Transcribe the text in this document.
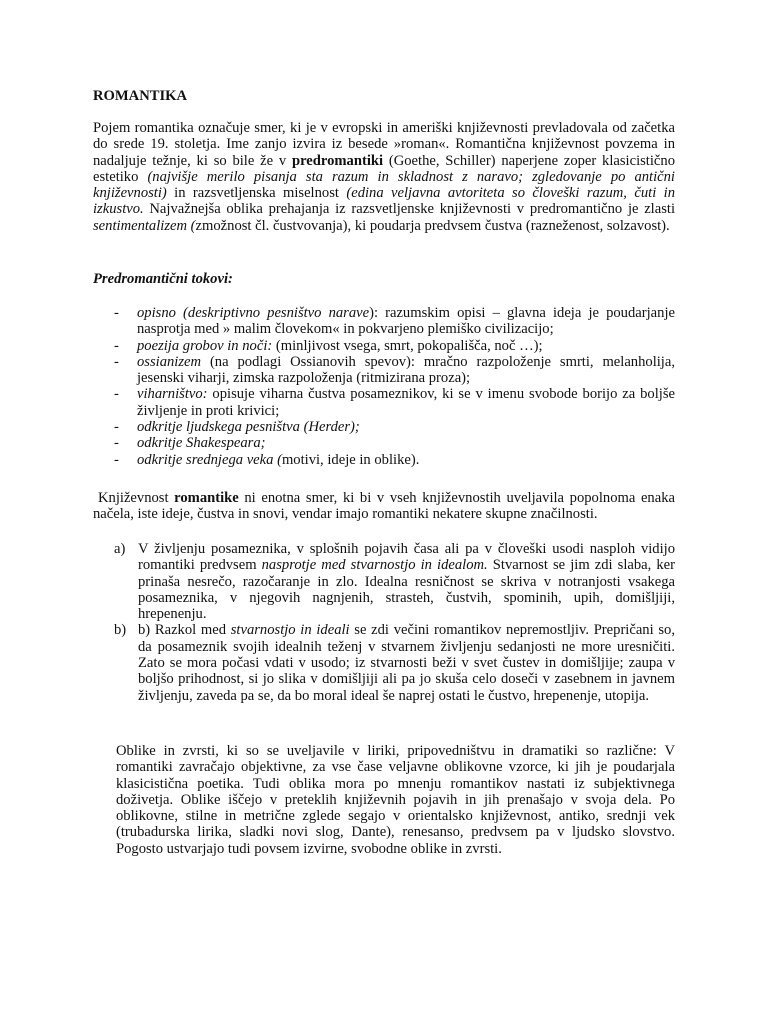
ROMANTIKA

Pojem romantika označuje smer, ki je v evropski in ameriški književnosti prevladovala od začetka do srede 19. stoletja. Ime zanjo izvira iz besede »roman«. Romantična književnost povzema in nadaljuje težnje, ki so bile že v predromantiki (Goethe, Schiller) naperjene zoper klasicistično estetiko (najvišje merilo pisanja sta razum in skladnost z naravo; zgledovanje po antični književnosti) in razsvetljenska miselnost (edina veljavna avtoriteta so človeški razum, čuti in izkustvo. Najvažnejša oblika prehajanja iz razsvetljenske književnosti v predromantično je zlasti sentimentalizem (zmožnost čl. čustvovanja), ki poudarja predvsem čustva (razneženost, solzavost).

Predromantični tokovi:
- opisno (deskriptivno pesništvo narave): razumskim opisi – glavna ideja je poudarjanje nasprotja med » malim človekom« in pokvarjeno plemiško civilizacijo;
- poezija grobov in noči: (minljivost vsega, smrt, pokopališča, noč …);
- ossianizem (na podlagi Ossianovih spevov): mračno razpoloženje smrti, melanholija, jesenski viharji, zimska razpoloženja (ritmizirana proza);
- viharništvo: opisuje viharna čustva posameznikov, ki se v imenu svobode borijo za boljše življenje in proti krivici;
- odkritje ljudskega pesništva (Herder);
- odkritje Shakespeara;
- odkritje srednjega veka (motivi, ideje in oblike).

Književnost romantike ni enotna smer, ki bi v vseh književnostih uveljavila popolnoma enaka načela, iste ideje, čustva in snovi, vendar imajo romantiki nekatere skupne značilnosti.

a) V življenju posameznika, v splošnih pojavih časa ali pa v človeški usodi nasploh vidijo romantiki predvsem nasprotje med stvarnostjo in idealom. Stvarnost se jim zdi slaba, ker prinaša nesrečo, razočaranje in zlo. Idealna resničnost se skriva v notranjosti vsakega posameznika, v njegovih nagnjenih, strasteh, čustvih, spominih, upih, domišljiji, hrepenenju.
b) b) Razkol med stvarnostjo in ideali se zdi večini romantikov nepremostljiv. Prepričani so, da posameznik svojih idealnih teženj v stvarnem življenju sedanjosti ne more uresničiti. Zato se mora počasi vdati v usodo; iz stvarnosti beži v svet čustev in domišljije; zaupa v boljšo prihodnost, si jo slika v domišljiji ali pa jo skuša celo doseči v zasebnem in javnem življenju, zaveda pa se, da bo moral ideal še naprej ostati le čustvo, hrepenenje, utopija.

Oblike in zvrsti, ki so se uveljavile v liriki, pripovedništvu in dramatiki so različne: V romantiki zavračajo objektivne, za vse čase veljavne oblikovne vzorce, ki jih je poudarjala klasicistična poetika. Tudi oblika mora po mnenju romantikov nastati iz subjektivnega doživetja. Oblike iščejo v preteklih književnih pojavih in jih prenašajo v svoja dela. Po oblikovne, stilne in metrične zglede segajo v orientalsko književnost, antiko, srednji vek (trubadurska lirika, sladki novi slog, Dante), renesanso, predvsem pa v ljudsko slovstvo. Pogosto ustvarjajo tudi povsem izvirne, svobodne oblike in zvrsti.
